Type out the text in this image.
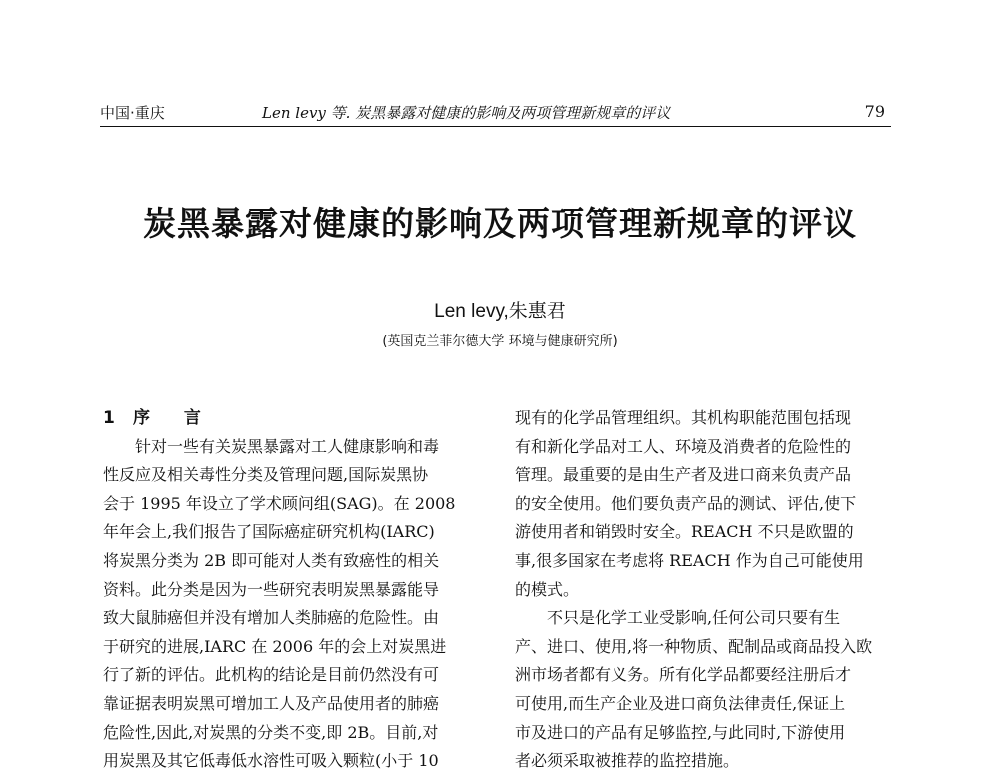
中国·重庆	Len levy 等. 炭黑暴露对健康的影响及两项管理新规章的评议	79
炭黑暴露对健康的影响及两项管理新规章的评议
Len levy,朱惠君
(英国克兰菲尔德大学 环境与健康研究所)
1 序 言
　　针对一些有关炭黑暴露对工人健康影响和毒
性反应及相关毒性分类及管理问题,国际炭黑协
会于 1995 年设立了学术顾问组(SAG)。在 2008
年年会上,我们报告了国际癌症研究机构(IARC)
将炭黑分类为 2B 即可能对人类有致癌性的相关
资料。此分类是因为一些研究表明炭黑暴露能导
致大鼠肺癌但并没有增加人类肺癌的危险性。由
于研究的进展,IARC 在 2006 年的会上对炭黑进
行了新的评估。此机构的结论是目前仍然没有可
靠证据表明炭黑可增加工人及产品使用者的肺癌
危险性,因此,对炭黑的分类不变,即 2B。目前,对
用炭黑及其它低毒低水溶性可吸入颗粒(小于 10
现有的化学品管理组织。其机构职能范围包括现
有和新化学品对工人、环境及消费者的危险性的
管理。最重要的是由生产者及进口商来负责产品
的安全使用。他们要负责产品的测试、评估,使下
游使用者和销毁时安全。REACH 不只是欧盟的
事,很多国家在考虑将 REACH 作为自己可能使用
的模式。
　　不只是化学工业受影响,任何公司只要有生
产、进口、使用,将一种物质、配制品或商品投入欧
洲市场者都有义务。所有化学品都要经注册后才
可使用,而生产企业及进口商负法律责任,保证上
市及进口的产品有足够监控,与此同时,下游使用
者必须采取被推荐的监控措施。
